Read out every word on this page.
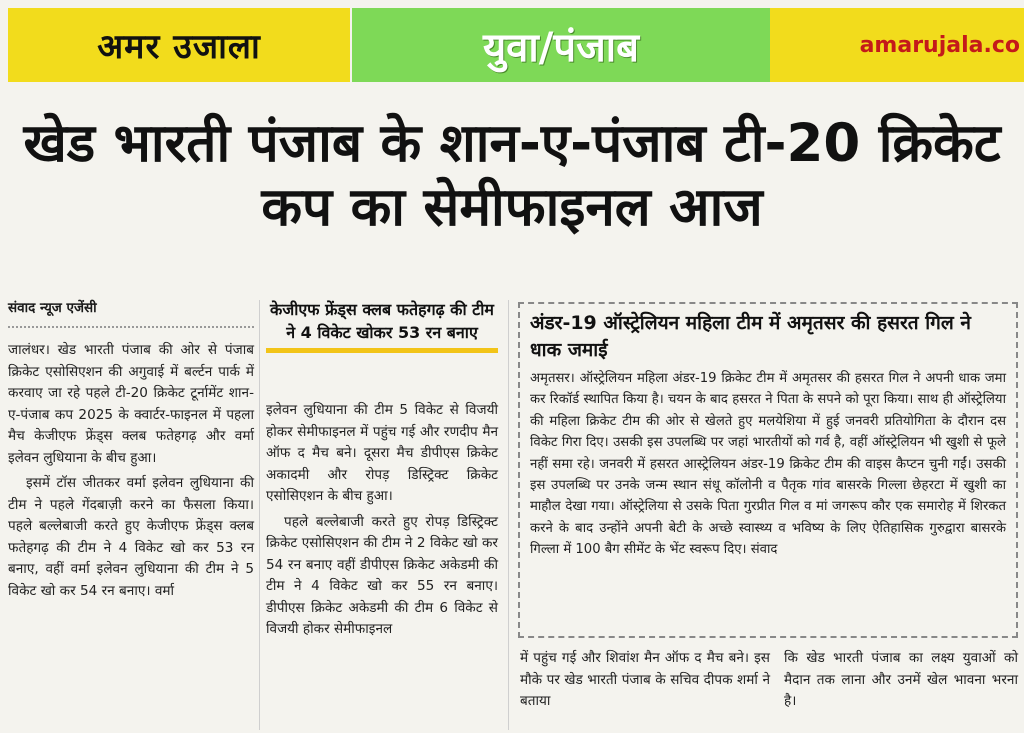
अमर उजाला	युवा/पंजाब	amarujala.co
खेड भारती पंजाब के शान-ए-पंजाब टी-20 क्रिकेट कप का सेमीफाइनल आज
संवाद न्यूज एजेंसी

जालंधर। खेड भारती पंजाब की ओर से पंजाब क्रिकेट एसोसिएशन की अगुवाई में बर्ल्टन पार्क में करवाए जा रहे पहले टी-20 क्रिकेट टूर्नामेंट शान-ए-पंजाब कप 2025 के क्वार्टर-फाइनल में पहला मैच केजीएफ फ्रेंड्स क्लब फतेहगढ़ और वर्मा इलेवन लुधियाना के बीच हुआ।

इसमें टॉस जीतकर वर्मा इलेवन लुधियाना की टीम ने पहले गेंदबाज़ी करने का फैसला किया। पहले बल्लेबाजी करते हुए केजीएफ फ्रेंड्स क्लब फतेहगढ़ की टीम ने 4 विकेट खो कर 53 रन बनाए, वहीं वर्मा इलेवन लुधियाना की टीम ने 5 विकेट खो कर 54 रन बनाए। वर्मा

केजीएफ फ्रेंड्स क्लब फतेहगढ़ की टीम ने 4 विकेट खोकर 53 रन बनाए

इलेवन लुधियाना की टीम 5 विकेट से विजयी होकर सेमीफाइनल में पहुंच गई और रणदीप मैन ऑफ द मैच बने। दूसरा मैच डीपीएस क्रिकेट अकादमी और रोपड़ डिस्ट्रिक्ट क्रिकेट एसोसिएशन के बीच हुआ।

पहले बल्लेबाजी करते हुए रोपड़ डिस्ट्रिक्ट क्रिकेट एसोसिएशन की टीम ने 2 विकेट खो कर 54 रन बनाए वहीं डीपीएस क्रिकेट अकेडमी की टीम ने 4 विकेट खो कर 55 रन बनाए। डीपीएस क्रिकेट अकेडमी की टीम 6 विकेट से विजयी होकर सेमीफाइनल

अंडर-19 ऑस्ट्रेलियन महिला टीम में अमृतसर की हसरत गिल ने धाक जमाई

अमृतसर। ऑस्ट्रेलियन महिला अंडर-19 क्रिकेट टीम में अमृतसर की हसरत गिल ने अपनी धाक जमा कर रिकॉर्ड स्थापित किया है। चयन के बाद हसरत ने पिता के सपने को पूरा किया। साथ ही ऑस्ट्रेलिया की महिला क्रिकेट टीम की ओर से खेलते हुए मलयेशिया में हुई जनवरी प्रतियोगिता के दौरान दस विकेट गिरा दिए। उसकी इस उपलब्धि पर जहां भारतीयों को गर्व है, वहीं ऑस्ट्रेलियन भी खुशी से फूले नहीं समा रहे। जनवरी में हसरत आस्ट्रेलियन अंडर-19 क्रिकेट टीम की वाइस कैप्टन चुनी गईं। उसकी इस उपलब्धि पर उनके जन्म स्थान संधू कॉलोनी व पैतृक गांव बासरके गिल्ला छेहरटा में खुशी का माहौल देखा गया। ऑस्ट्रेलिया से उसके पिता गुरप्रीत गिल व मां जगरूप कौर एक समारोह में शिरकत करने के बाद उन्होंने अपनी बेटी के अच्छे स्वास्थ्य व भविष्य के लिए ऐतिहासिक गुरुद्वारा बासरके गिल्ला में 100 बैग सीमेंट के भेंट स्वरूप दिए। संवाद

में पहुंच गई और शिवांश मैन ऑफ द मैच बने। इस मौके पर खेड भारती पंजाब के सचिव दीपक शर्मा ने बताया

कि खेड भारती पंजाब का लक्ष्य युवाओं को मैदान तक लाना और उनमें खेल भावना भरना है।
